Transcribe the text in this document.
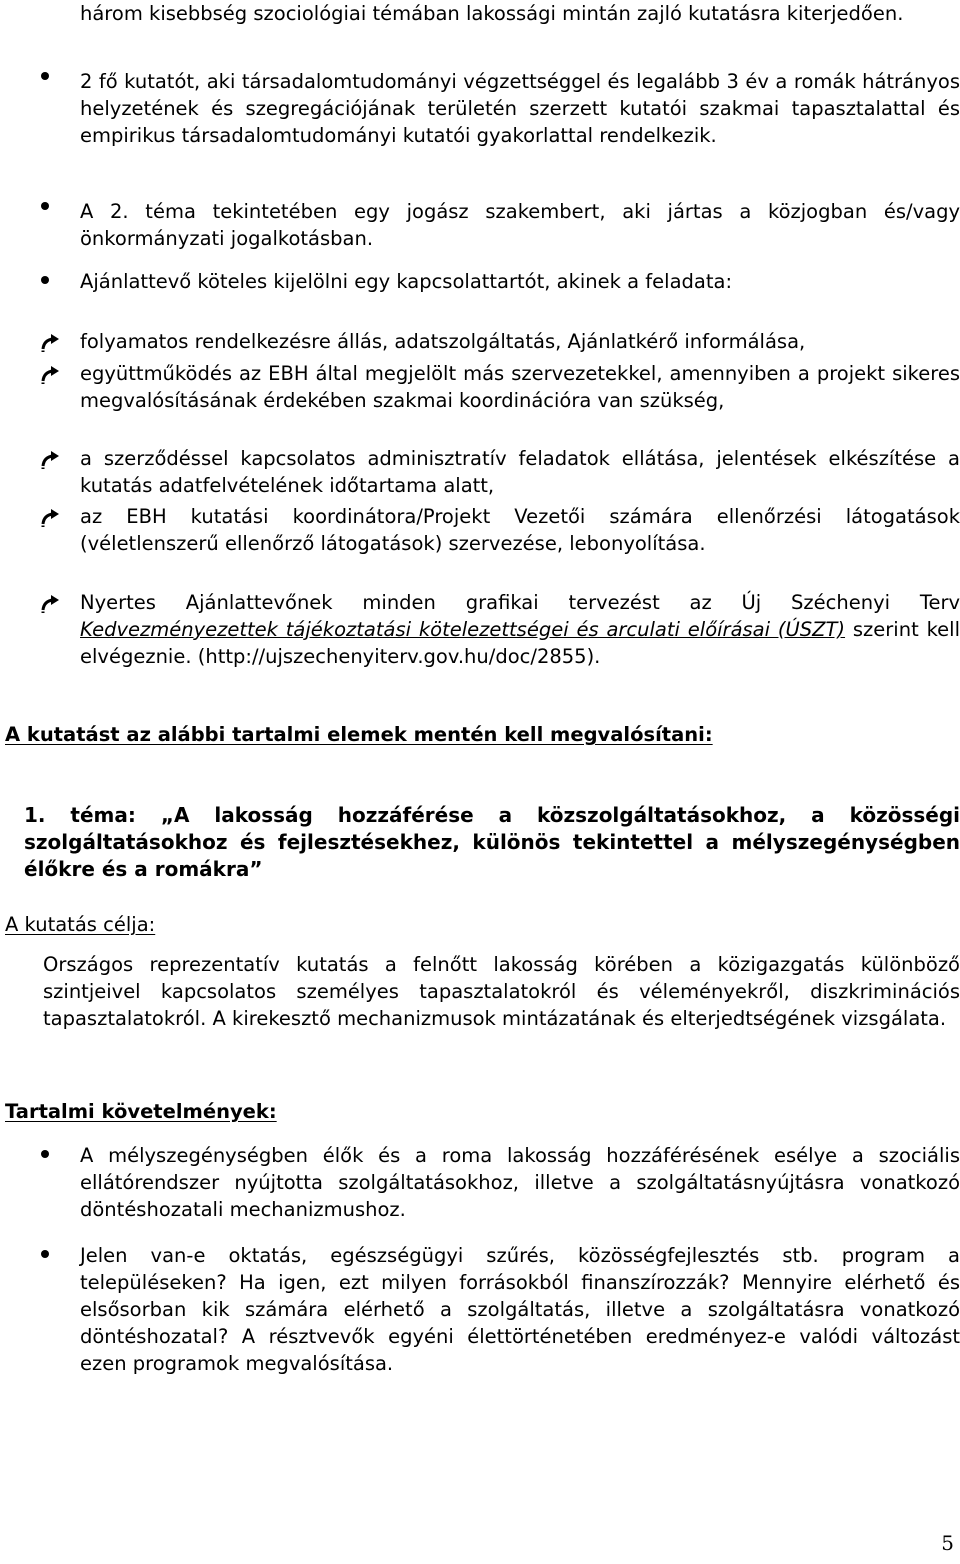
három kisebbség szociológiai témában lakossági mintán zajló kutatásra kiterjedően.

2 fő kutatót, aki társadalomtudományi végzettséggel és legalább 3 év a romák hátrányos helyzetének és szegregációjának területén szerzett kutatói szakmai tapasztalattal és empirikus társadalomtudományi kutatói gyakorlattal rendelkezik.

A 2. téma tekintetében egy jogász szakembert, aki jártas a közjogban és/vagy önkormányzati jogalkotásban.

Ajánlattevő köteles kijelölni egy kapcsolattartót, akinek a feladata:

folyamatos rendelkezésre állás, adatszolgáltatás, Ajánlatkérő informálása,

együttműködés az EBH által megjelölt más szervezetekkel, amennyiben a projekt sikeres megvalósításának érdekében szakmai koordinációra van szükség,

a szerződéssel kapcsolatos adminisztratív feladatok ellátása, jelentések elkészítése a kutatás adatfelvételének időtartama alatt,

az EBH kutatási koordinátora/Projekt Vezetői számára ellenőrzési látogatások (véletlenszerű ellenőrző látogatások) szervezése, lebonyolítása.

Nyertes Ajánlattevőnek minden grafikai tervezést az Új Széchenyi Terv Kedvezményezettek tájékoztatási kötelezettségei és arculati előírásai (ÚSZT) szerint kell elvégeznie. (http://ujszechenyiterv.gov.hu/doc/2855).

A kutatást az alábbi tartalmi elemek mentén kell megvalósítani:

1. téma: „A lakosság hozzáférése a közszolgáltatásokhoz, a közösségi szolgáltatásokhoz és fejlesztésekhez, különös tekintettel a mélyszegénységben élőkre és a romákra”

A kutatás célja:

Országos reprezentatív kutatás a felnőtt lakosság körében a közigazgatás különböző szintjeivel kapcsolatos személyes tapasztalatokról és véleményekről, diszkriminációs tapasztalatokról. A kirekesztő mechanizmusok mintázatának és elterjedtségének vizsgálata.

Tartalmi követelmények:

A mélyszegénységben élők és a roma lakosság hozzáférésének esélye a szociális ellátórendszer nyújtotta szolgáltatásokhoz, illetve a szolgáltatásnyújtásra vonatkozó döntéshozatali mechanizmushoz.

Jelen van-e oktatás, egészségügyi szűrés, közösségfejlesztés stb. program a településeken? Ha igen, ezt milyen forrásokból finanszírozzák? Mennyire elérhető és elsősorban kik számára elérhető a szolgáltatás, illetve a szolgáltatásra vonatkozó döntéshozatal? A résztvevők egyéni élettörténetében eredményez-e valódi változást ezen programok megvalósítása.

5
